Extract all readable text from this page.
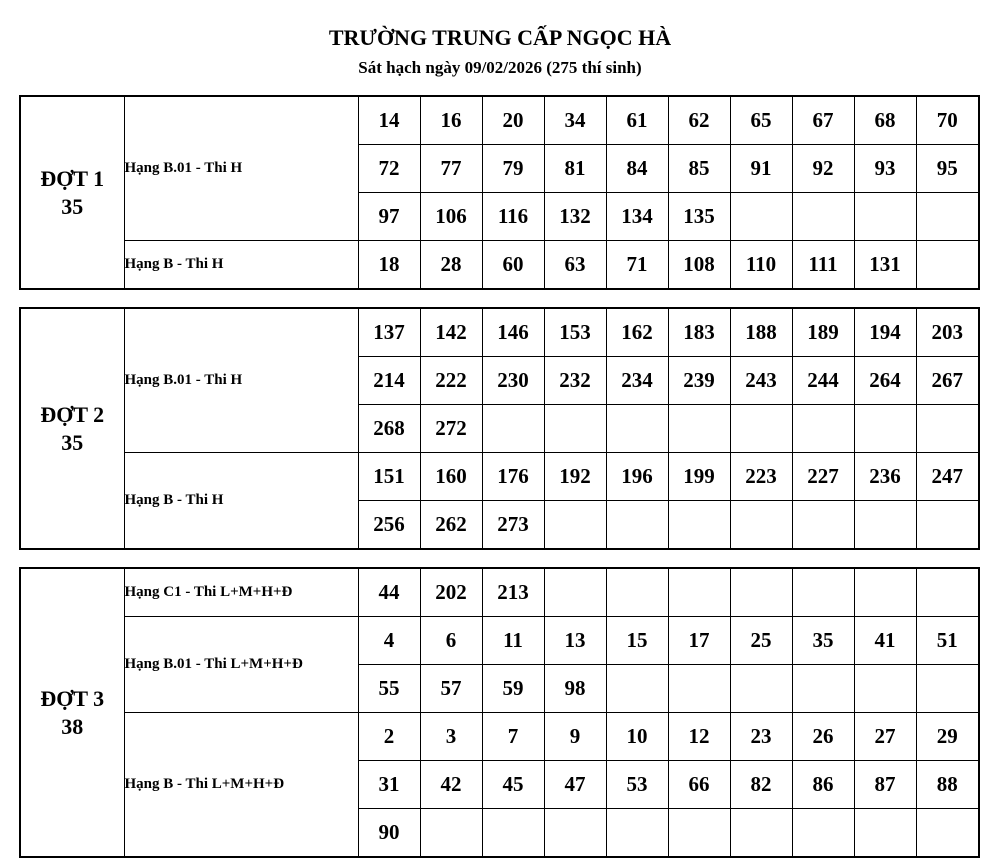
TRƯỜNG TRUNG CẤP NGỌC HÀ
Sát hạch ngày 09/02/2026 (275 thí sinh)
ĐỢT 1
35	Hạng B.01 - Thi H	14	16	20	34	61	62	65	67	68	70
		72	77	79	81	84	85	91	92	93	95
		97	106	116	132	134	135				
	Hạng B - Thi H	18	28	60	63	71	108	110	111	131	
ĐỢT 2
35	Hạng B.01 - Thi H	137	142	146	153	162	183	188	189	194	203
		214	222	230	232	234	239	243	244	264	267
		268	272								
	Hạng B - Thi H	151	160	176	192	196	199	223	227	236	247
		256	262	273							
ĐỢT 3
38	Hạng C1 - Thi L+M+H+Đ	44	202	213							
	Hạng B.01 - Thi L+M+H+Đ	4	6	11	13	15	17	25	35	41	51
		55	57	59	98						
	Hạng B - Thi L+M+H+Đ	2	3	7	9	10	12	23	26	27	29
		31	42	45	47	53	66	82	86	87	88
		90									
